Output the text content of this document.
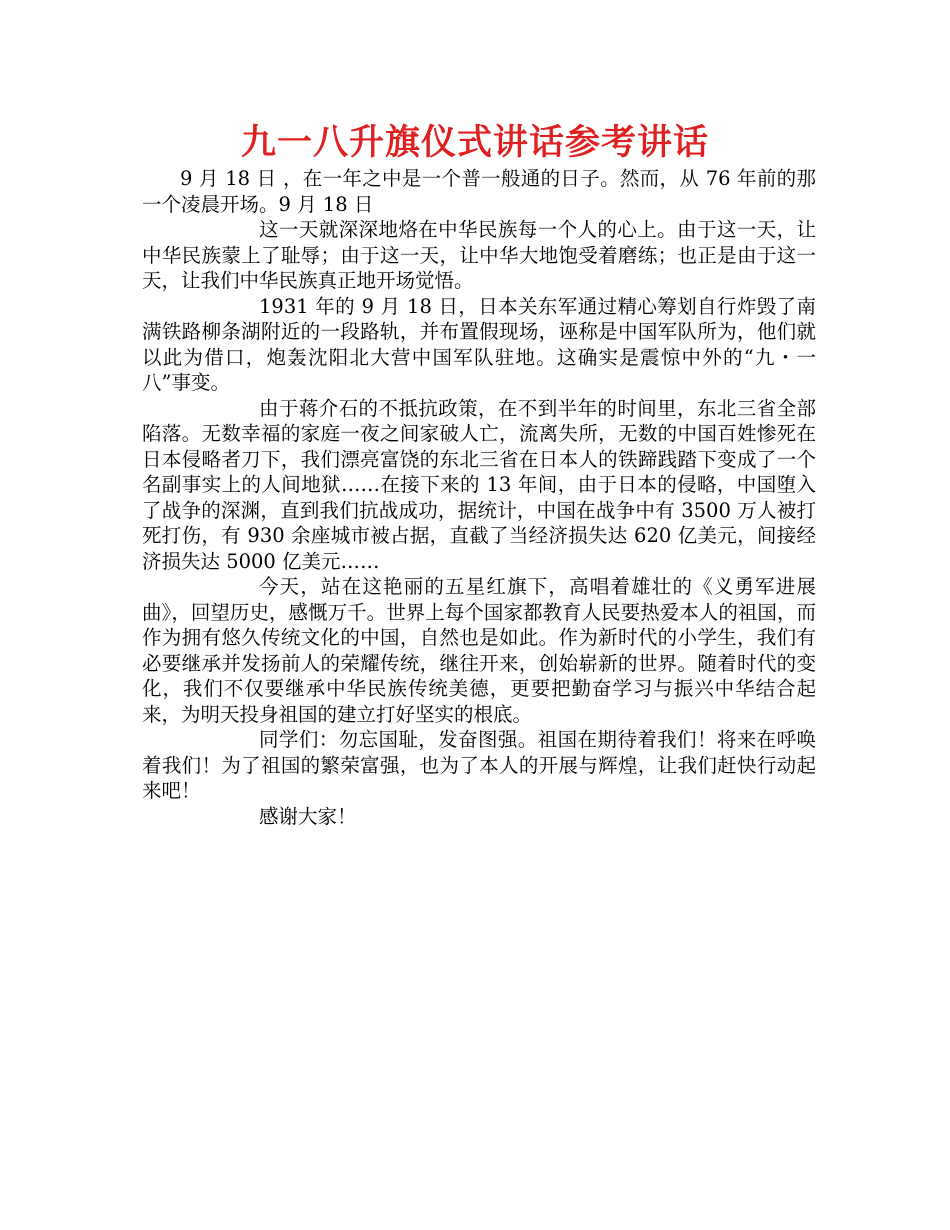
九一八升旗仪式讲话参考讲话

9 月 18 日 ，在一年之中是一个普一般通的日子。然而，从 76 年前的那一个凌晨开场。9 月 18 日

这一天就深深地烙在中华民族每一个人的心上。由于这一天，让中华民族蒙上了耻辱；由于这一天，让中华大地饱受着磨练；也正是由于这一天，让我们中华民族真正地开场觉悟。

1931 年的 9 月 18 日，日本关东军通过精心筹划自行炸毁了南满铁路柳条湖附近的一段路轨，并布置假现场，诬称是中国军队所为，他们就以此为借口，炮轰沈阳北大营中国军队驻地。这确实是震惊中外的“九・一八”事变。

由于蒋介石的不抵抗政策，在不到半年的时间里，东北三省全部陷落。无数幸福的家庭一夜之间家破人亡，流离失所，无数的中国百姓惨死在日本侵略者刀下，我们漂亮富饶的东北三省在日本人的铁蹄践踏下变成了一个名副事实上的人间地狱……在接下来的 13 年间，由于日本的侵略，中国堕入了战争的深渊，直到我们抗战成功，据统计，中国在战争中有 3500 万人被打死打伤，有 930 余座城市被占据，直截了当经济损失达 620 亿美元，间接经济损失达 5000 亿美元……

今天，站在这艳丽的五星红旗下，高唱着雄壮的《义勇军进展曲》，回望历史，感慨万千。世界上每个国家都教育人民要热爱本人的祖国，而作为拥有悠久传统文化的中国，自然也是如此。作为新时代的小学生，我们有必要继承并发扬前人的荣耀传统，继往开来，创始崭新的世界。随着时代的变化，我们不仅要继承中华民族传统美德，更要把勤奋学习与振兴中华结合起来，为明天投身祖国的建立打好坚实的根底。

同学们：勿忘国耻，发奋图强。祖国在期待着我们！将来在呼唤着我们！为了祖国的繁荣富强，也为了本人的开展与辉煌，让我们赶快行动起来吧！

感谢大家！
